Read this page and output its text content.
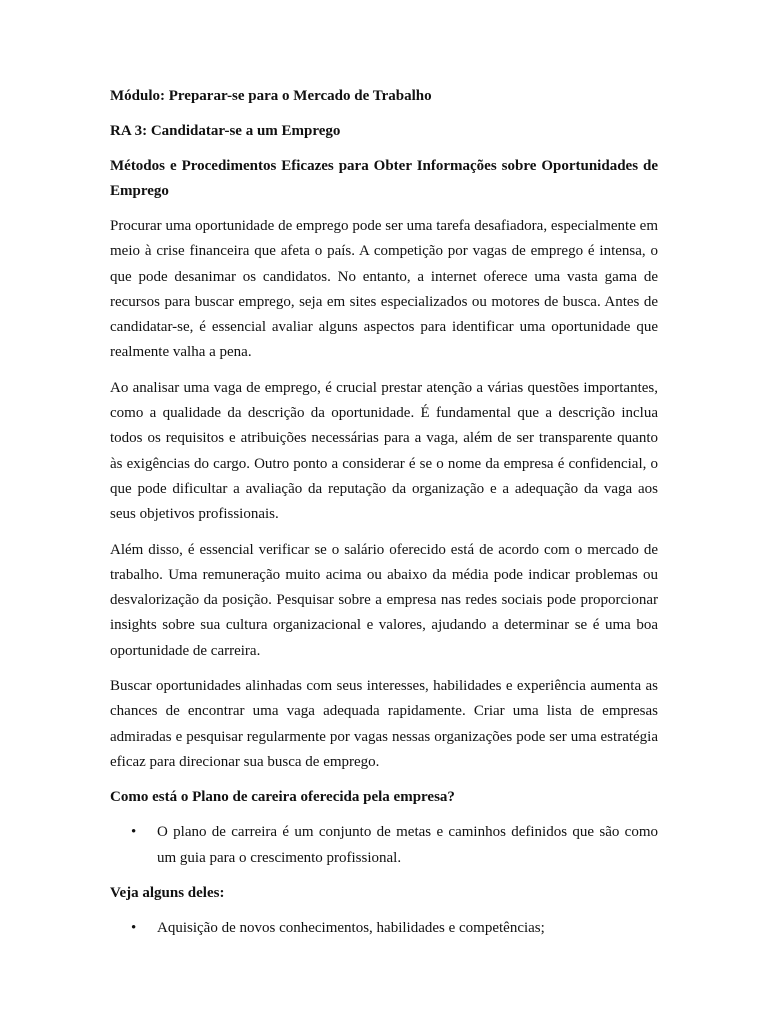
Módulo: Preparar-se para o Mercado de Trabalho
RA 3: Candidatar-se a um Emprego
Métodos e Procedimentos Eficazes para Obter Informações sobre Oportunidades de Emprego

Procurar uma oportunidade de emprego pode ser uma tarefa desafiadora, especialmente em meio à crise financeira que afeta o país. A competição por vagas de emprego é intensa, o que pode desanimar os candidatos. No entanto, a internet oferece uma vasta gama de recursos para buscar emprego, seja em sites especializados ou motores de busca. Antes de candidatar-se, é essencial avaliar alguns aspectos para identificar uma oportunidade que realmente valha a pena.

Ao analisar uma vaga de emprego, é crucial prestar atenção a várias questões importantes, como a qualidade da descrição da oportunidade. É fundamental que a descrição inclua todos os requisitos e atribuições necessárias para a vaga, além de ser transparente quanto às exigências do cargo. Outro ponto a considerar é se o nome da empresa é confidencial, o que pode dificultar a avaliação da reputação da organização e a adequação da vaga aos seus objetivos profissionais.

Além disso, é essencial verificar se o salário oferecido está de acordo com o mercado de trabalho. Uma remuneração muito acima ou abaixo da média pode indicar problemas ou desvalorização da posição. Pesquisar sobre a empresa nas redes sociais pode proporcionar insights sobre sua cultura organizacional e valores, ajudando a determinar se é uma boa oportunidade de carreira.

Buscar oportunidades alinhadas com seus interesses, habilidades e experiência aumenta as chances de encontrar uma vaga adequada rapidamente. Criar uma lista de empresas admiradas e pesquisar regularmente por vagas nessas organizações pode ser uma estratégia eficaz para direcionar sua busca de emprego.

Como está o Plano de careira oferecida pela empresa?
• O plano de carreira é um conjunto de metas e caminhos definidos que são como um guia para o crescimento profissional.
Veja alguns deles:
• Aquisição de novos conhecimentos, habilidades e competências;
